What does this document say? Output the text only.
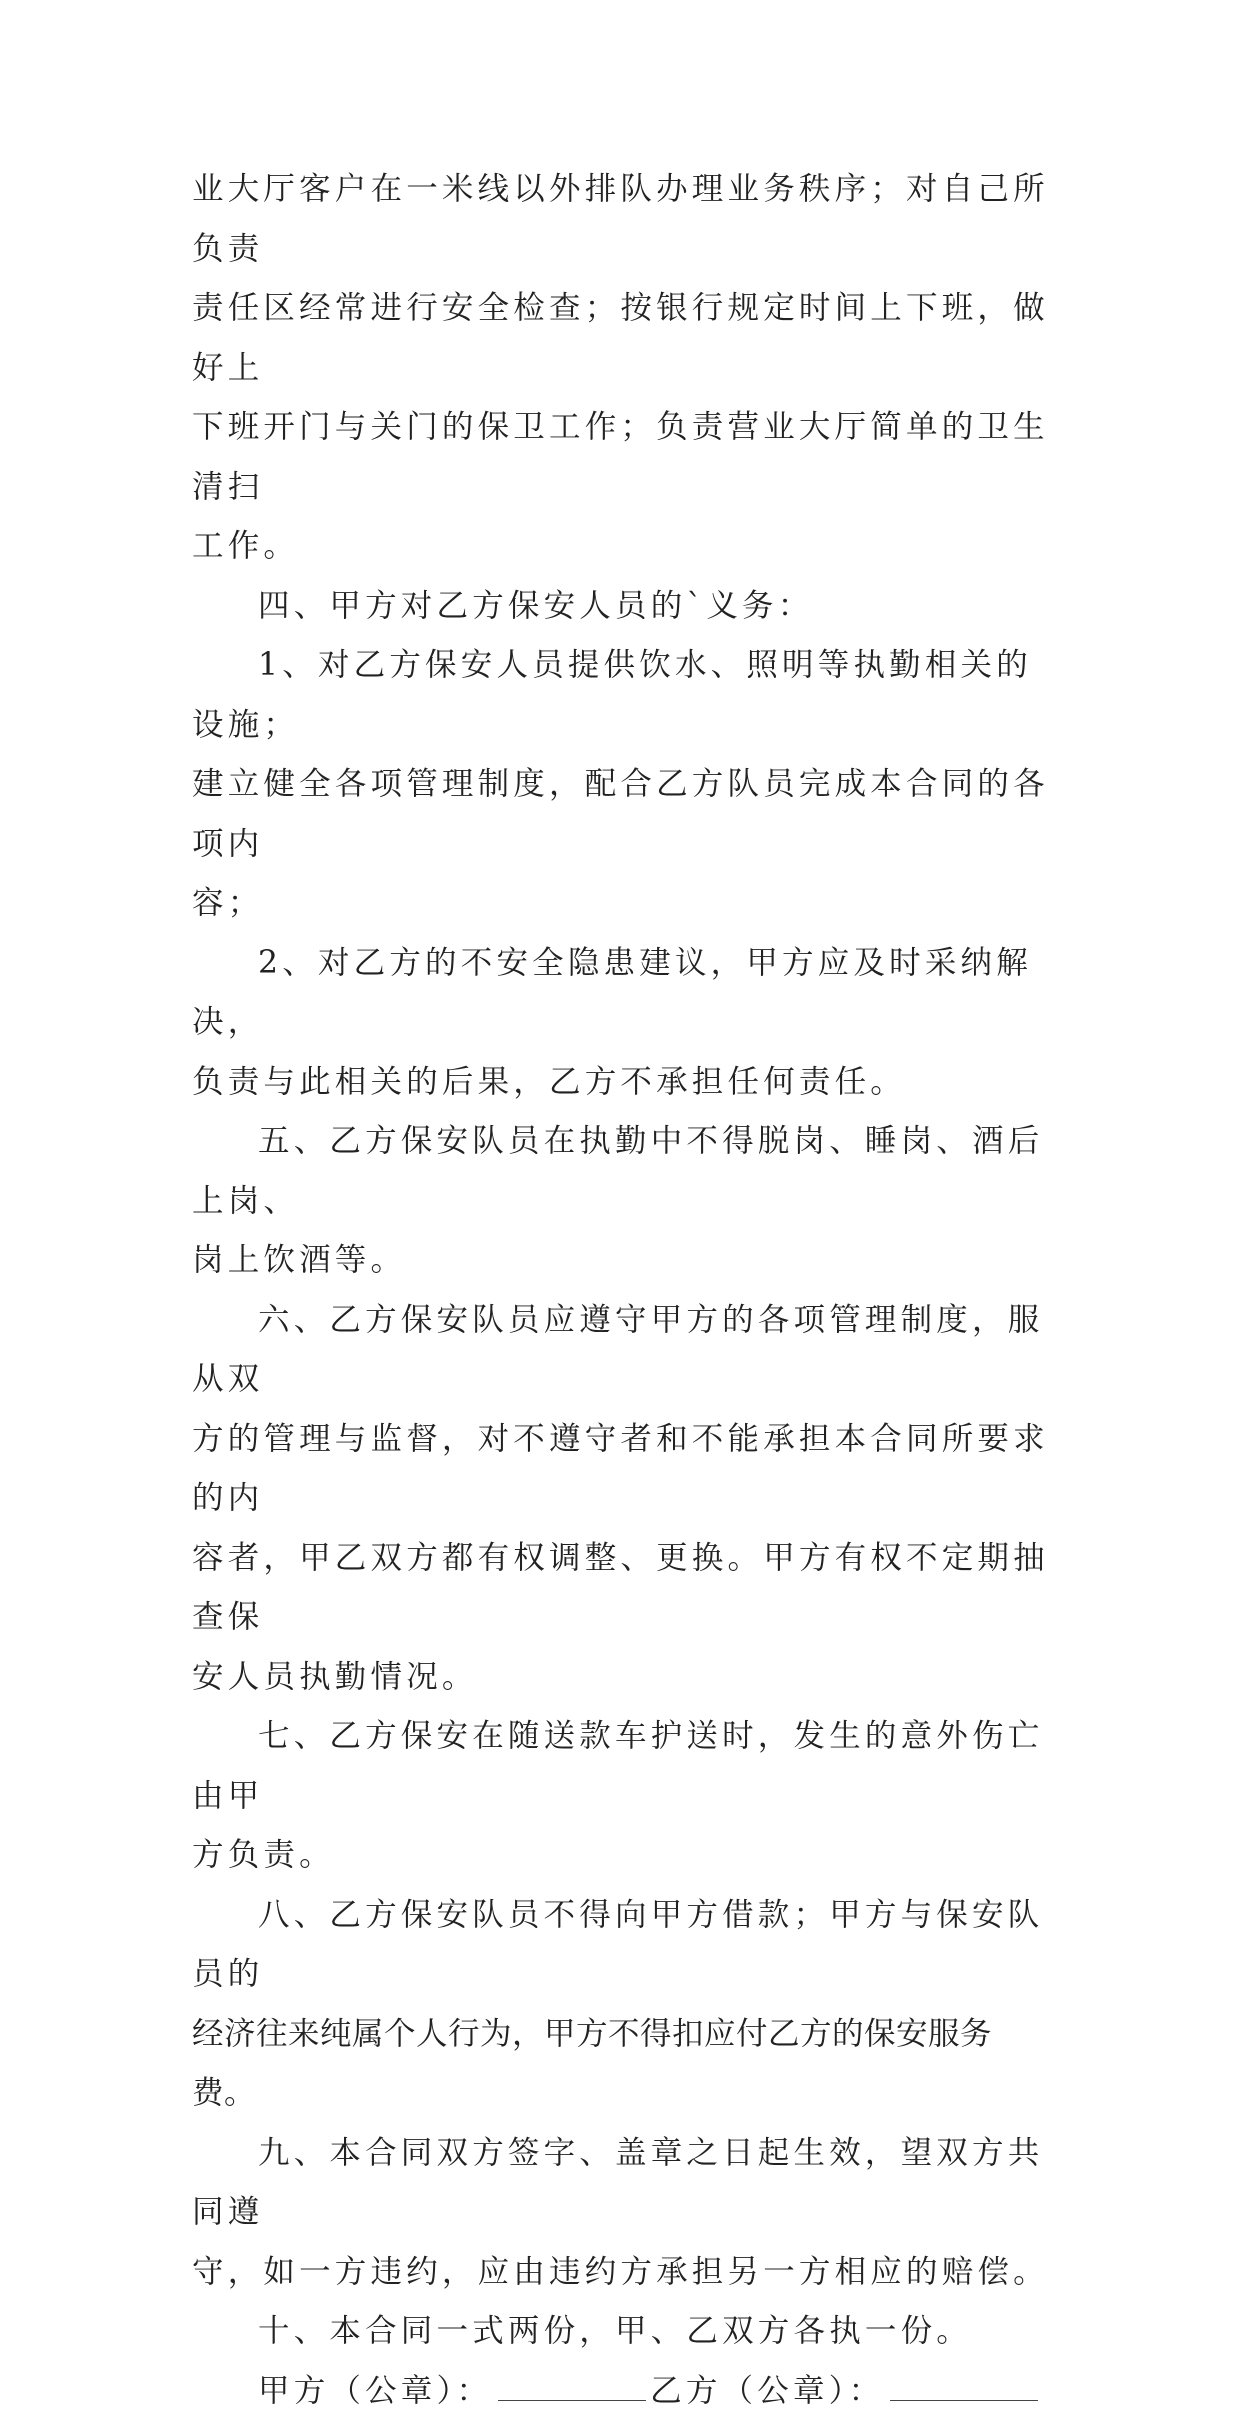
业大厅客户在一米线以外排队办理业务秩序；对自己所负责
责任区经常进行安全检查；按银行规定时间上下班，做好上
下班开门与关门的保卫工作；负责营业大厅简单的卫生清扫
工作。

四、甲方对乙方保安人员的`义务：

1、对乙方保安人员提供饮水、照明等执勤相关的设施；
建立健全各项管理制度，配合乙方队员完成本合同的各项内
容；

2、对乙方的不安全隐患建议，甲方应及时采纳解决，
负责与此相关的后果，乙方不承担任何责任。

五、乙方保安队员在执勤中不得脱岗、睡岗、酒后上岗、
岗上饮酒等。

六、乙方保安队员应遵守甲方的各项管理制度，服从双
方的管理与监督，对不遵守者和不能承担本合同所要求的内
容者，甲乙双方都有权调整、更换。甲方有权不定期抽查保
安人员执勤情况。

七、乙方保安在随送款车护送时，发生的意外伤亡由甲
方负责。

八、乙方保安队员不得向甲方借款；甲方与保安队员的
经济往来纯属个人行为，甲方不得扣应付乙方的保安服务费。

九、本合同双方签字、盖章之日起生效，望双方共同遵
守，如一方违约，应由违约方承担另一方相应的赔偿。

十、本合同一式两份，甲、乙双方各执一份。

甲方（公章）：	乙方（公章）：
